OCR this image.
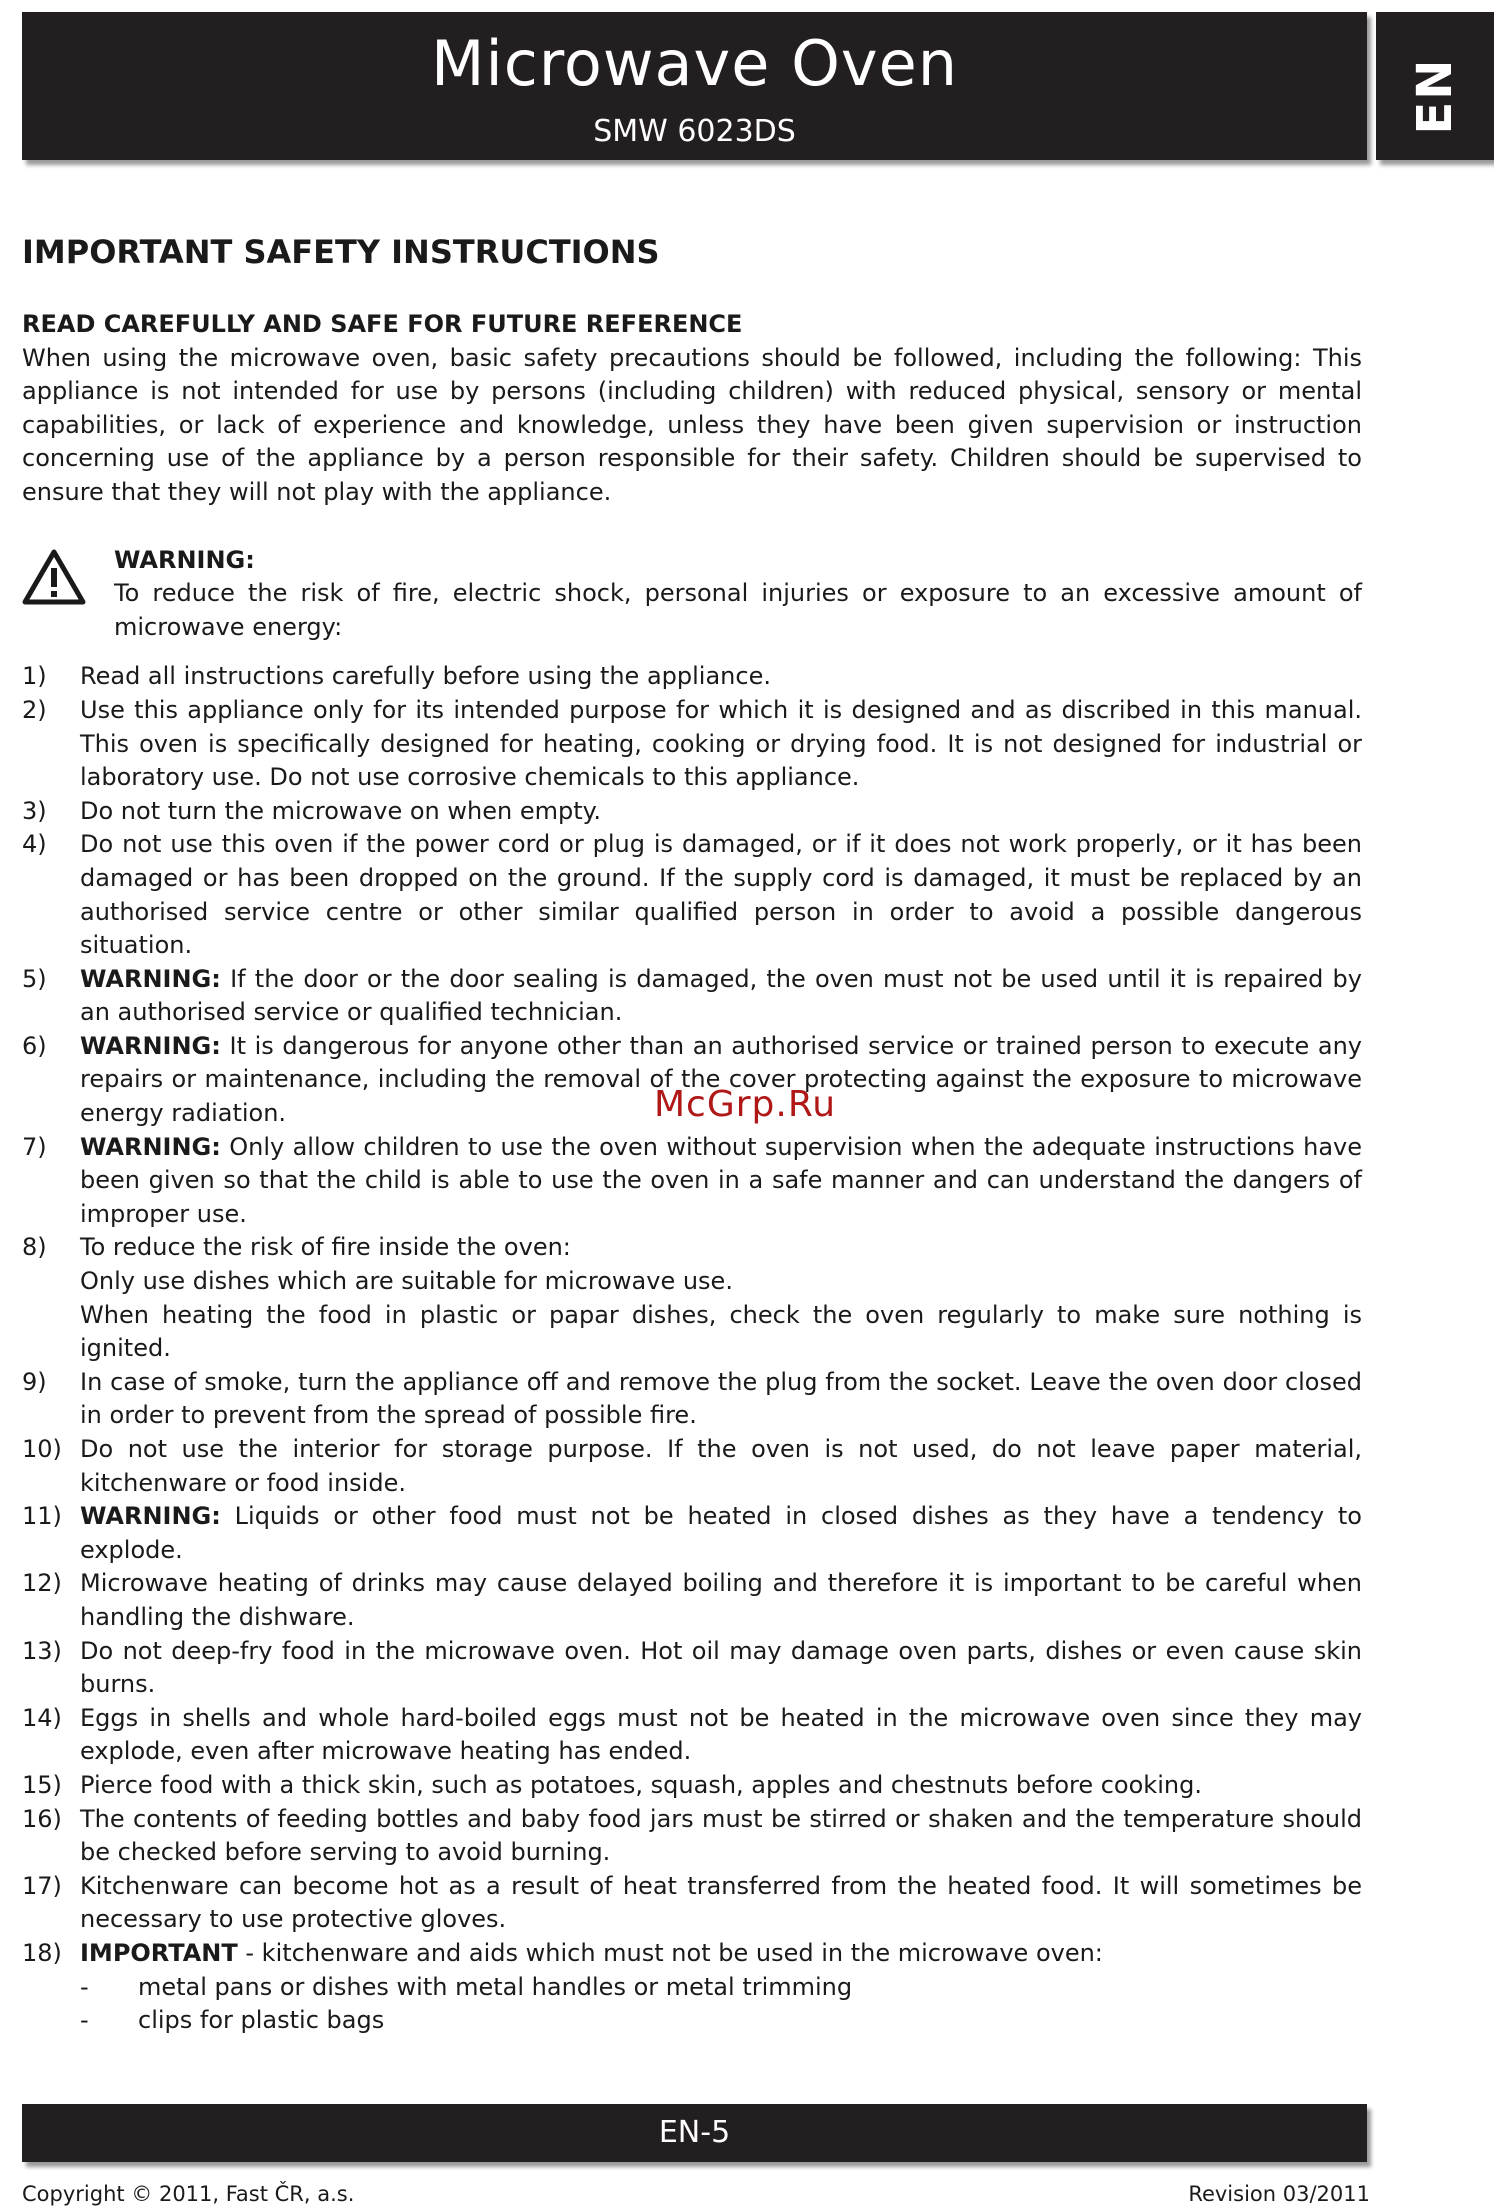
Microwave Oven
SMW 6023DS	EN
IMPORTANT SAFETY INSTRUCTIONS
READ CAREFULLY AND SAFE FOR FUTURE REFERENCE
When using the microwave oven, basic safety precautions should be followed, including the following: This appliance is not intended for use by persons (including children) with reduced physical, sensory or mental capabilities, or lack of experience and knowledge, unless they have been given supervision or instruction concerning use of the appliance by a person responsible for their safety. Children should be supervised to ensure that they will not play with the appliance.
WARNING:
To reduce the risk of fire, electric shock, personal injuries or exposure to an excessive amount of microwave energy:
1) Read all instructions carefully before using the appliance.
2) Use this appliance only for its intended purpose for which it is designed and as discribed in this manual. This oven is specifically designed for heating, cooking or drying food. It is not designed for industrial or laboratory use. Do not use corrosive chemicals to this appliance.
3) Do not turn the microwave on when empty.
4) Do not use this oven if the power cord or plug is damaged, or if it does not work properly, or it has been damaged or has been dropped on the ground. If the supply cord is damaged, it must be replaced by an authorised service centre or other similar qualified person in order to avoid a possible dangerous situation.
5) WARNING: If the door or the door sealing is damaged, the oven must not be used until it is repaired by an authorised service or qualified technician.
6) WARNING: It is dangerous for anyone other than an authorised service or trained person to execute any repairs or maintenance, including the removal of the cover protecting against the exposure to microwave energy radiation.
7) WARNING: Only allow children to use the oven without supervision when the adequate instructions have been given so that the child is able to use the oven in a safe manner and can understand the dangers of improper use.
8) To reduce the risk of fire inside the oven:
Only use dishes which are suitable for microwave use.
When heating the food in plastic or papar dishes, check the oven regularly to make sure nothing is ignited.
9) In case of smoke, turn the appliance off and remove the plug from the socket. Leave the oven door closed in order to prevent from the spread of possible fire.
10) Do not use the interior for storage purpose. If the oven is not used, do not leave paper material, kitchenware or food inside.
11) WARNING: Liquids or other food must not be heated in closed dishes as they have a tendency to explode.
12) Microwave heating of drinks may cause delayed boiling and therefore it is important to be careful when handling the dishware.
13) Do not deep-fry food in the microwave oven. Hot oil may damage oven parts, dishes or even cause skin burns.
14) Eggs in shells and whole hard-boiled eggs must not be heated in the microwave oven since they may explode, even after microwave heating has ended.
15) Pierce food with a thick skin, such as potatoes, squash, apples and chestnuts before cooking.
16) The contents of feeding bottles and baby food jars must be stirred or shaken and the temperature should be checked before serving to avoid burning.
17) Kitchenware can become hot as a result of heat transferred from the heated food. It will sometimes be necessary to use protective gloves.
18) IMPORTANT - kitchenware and aids which must not be used in the microwave oven:
- metal pans or dishes with metal handles or metal trimming
- clips for plastic bags
McGrp.Ru
EN-5
Copyright © 2011, Fast ČR, a.s.	Revision 03/2011
